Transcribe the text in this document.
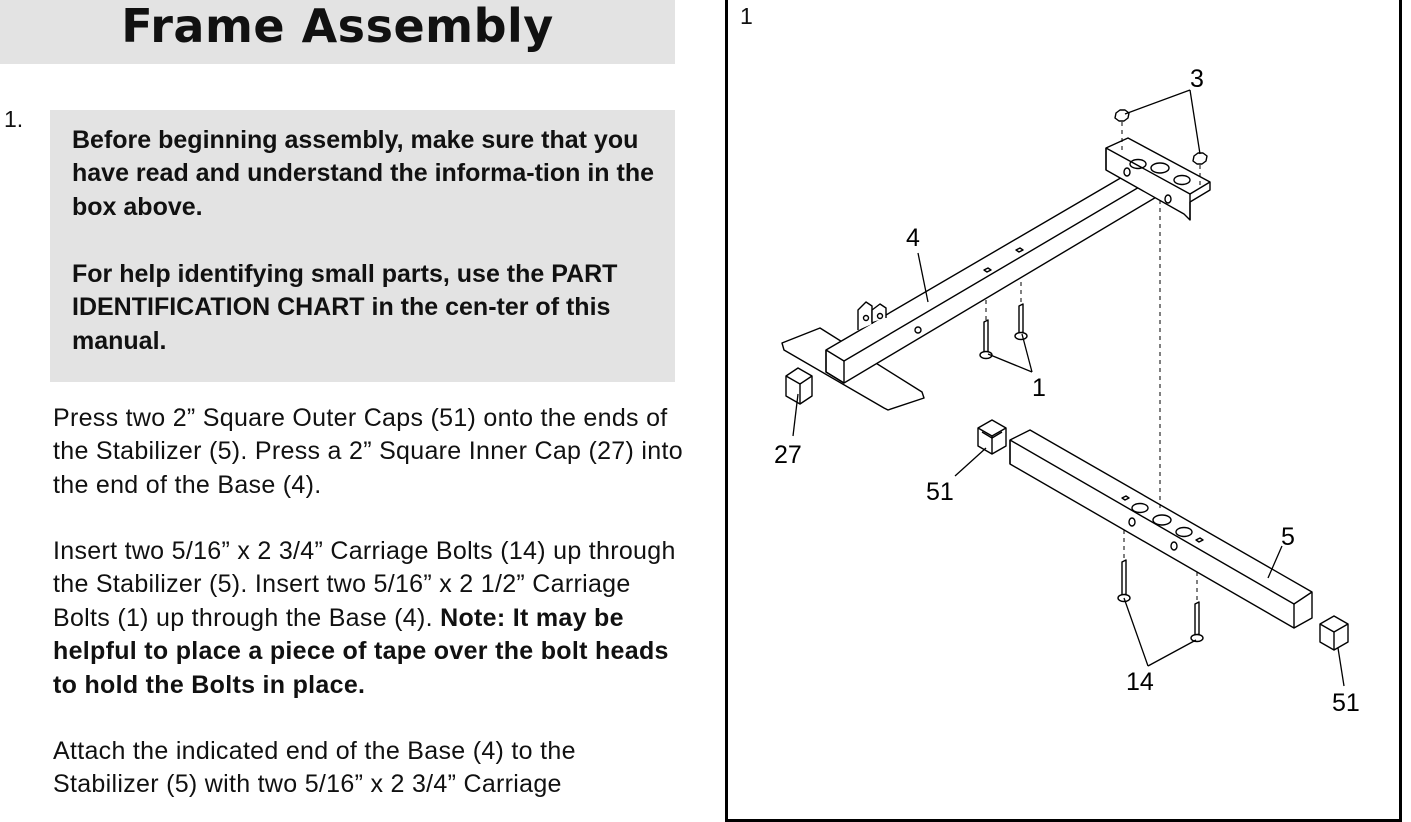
Frame Assembly
1.

Before beginning assembly, make sure that you have read and understand the informa-tion in the box above.

For help identifying small parts, use the PART IDENTIFICATION CHART in the cen-ter of this manual.

Press two 2” Square Outer Caps (51) onto the ends of the Stabilizer (5). Press a 2” Square Inner Cap (27) into the end of the Base (4).

Insert two 5/16” x 2 3/4” Carriage Bolts (14) up through the Stabilizer (5). Insert two 5/16” x 2 1/2” Carriage Bolts (1) up through the Base (4). Note: It may be helpful to place a piece of tape over the bolt heads to hold the Bolts in place.

Attach the indicated end of the Base (4) to the Stabilizer (5) with two 5/16” x 2 3/4” Carriage

1
3
4
1
27
51
5
14
51
